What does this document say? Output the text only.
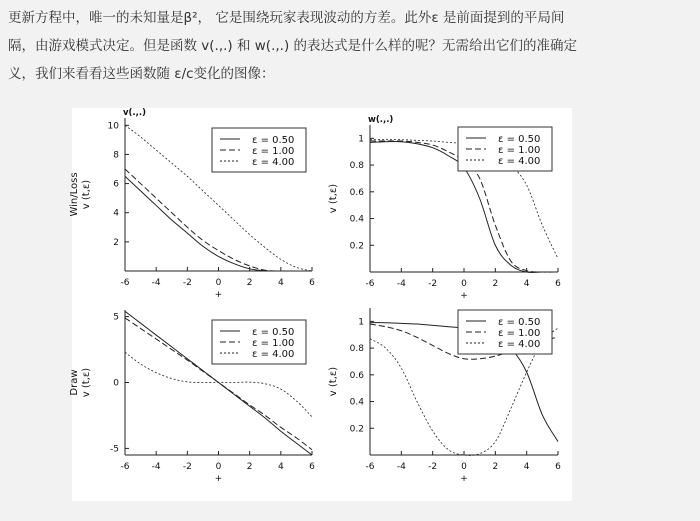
更新方程中，唯一的未知量是β²， 它是围绕玩家表现波动的方差。此外ε 是前面提到的平局间
隔，由游戏模式决定。但是函数 v(.,.) 和 w(.,.) 的表达式是什么样的呢？无需给出它们的准确定
义，我们来看看这些函数随 ε/c变化的图像：
-6 -4 -2	0	2	4	6
2
4
6
8
10
+
v(.,.)
Win/Loss v (t,ε)
ε = 0.50
ε = 1.00
ε = 4.00
-6 -4 -2	0	2	4	6
0.2
0.4
0.6
0.8
1
+
w(.,.)
v (t,ε)
ε = 0.50
ε = 1.00
ε = 4.00
-6 -4 -2	0	2	4	6
-5
0
5
+
Draw v (t,ε)
ε = 0.50
ε = 1.00
ε = 4.00
-6 -4 -2	0	2	4	6
0.2
0.4
0.6
0.8
1
+
v (t,ε)
ε = 0.50
ε = 1.00
ε = 4.00
